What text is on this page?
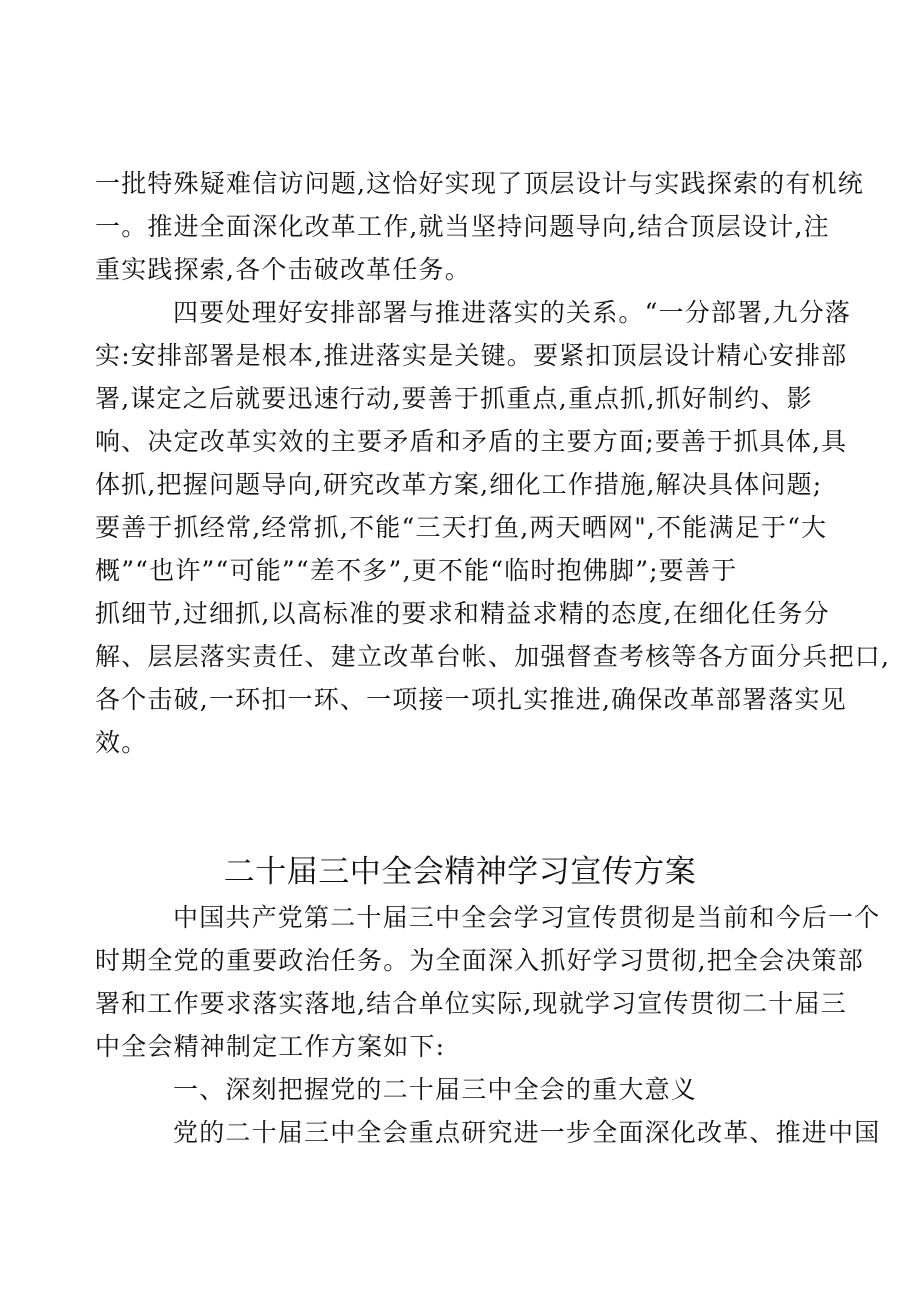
一批特殊疑难信访问题,这恰好实现了顶层设计与实践探索的有机统
一。推进全面深化改革工作,就当坚持问题导向,结合顶层设计,注
重实践探索,各个击破改革任务。
四要处理好安排部署与推进落实的关系。“一分部署,九分落
实:安排部署是根本,推进落实是关键。要紧扣顶层设计精心安排部
署,谋定之后就要迅速行动,要善于抓重点,重点抓,抓好制约、影
响、决定改革实效的主要矛盾和矛盾的主要方面;要善于抓具体,具
体抓,把握问题导向,研究改革方案,细化工作措施,解决具体问题;
要善于抓经常,经常抓,不能“三天打鱼,两天晒网",不能满足于“大
概”“也许”“可能”“差不多”,更不能“临时抱佛脚”;要善于
抓细节,过细抓,以高标准的要求和精益求精的态度,在细化任务分
解、层层落实责任、建立改革台帐、加强督查考核等各方面分兵把口,
各个击破,一环扣一环、一项接一项扎实推进,确保改革部署落实见
效。
二十届三中全会精神学习宣传方案
中国共产党第二十届三中全会学习宣传贯彻是当前和今后一个
时期全党的重要政治任务。为全面深入抓好学习贯彻,把全会决策部
署和工作要求落实落地,结合单位实际,现就学习宣传贯彻二十届三
中全会精神制定工作方案如下:
一、深刻把握党的二十届三中全会的重大意义
党的二十届三中全会重点研究进一步全面深化改革、推进中国
